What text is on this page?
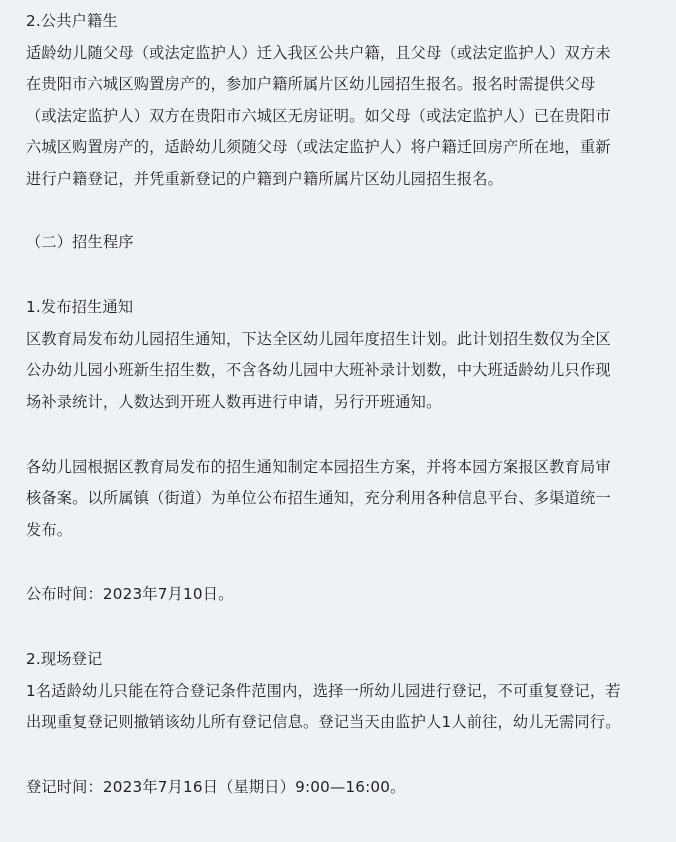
2.公共户籍生

适龄幼儿随父母（或法定监护人）迁入我区公共户籍，且父母（或法定监护人）双方未

在贵阳市六城区购置房产的，参加户籍所属片区幼儿园招生报名。报名时需提供父母

（或法定监护人）双方在贵阳市六城区无房证明。如父母（或法定监护人）已在贵阳市

六城区购置房产的，适龄幼儿须随父母（或法定监护人）将户籍迁回房产所在地，重新

进行户籍登记，并凭重新登记的户籍到户籍所属片区幼儿园招生报名。

（二）招生程序

1.发布招生通知

区教育局发布幼儿园招生通知，下达全区幼儿园年度招生计划。此计划招生数仅为全区

公办幼儿园小班新生招生数，不含各幼儿园中大班补录计划数，中大班适龄幼儿只作现

场补录统计，人数达到开班人数再进行申请，另行开班通知。

各幼儿园根据区教育局发布的招生通知制定本园招生方案，并将本园方案报区教育局审

核备案。以所属镇（街道）为单位公布招生通知，充分利用各种信息平台、多渠道统一

发布。

公布时间：2023年7月10日。

2.现场登记

1名适龄幼儿只能在符合登记条件范围内，选择一所幼儿园进行登记，不可重复登记，若

出现重复登记则撤销该幼儿所有登记信息。登记当天由监护人1人前往，幼儿无需同行。

登记时间：2023年7月16日（星期日）9:00—16:00。
